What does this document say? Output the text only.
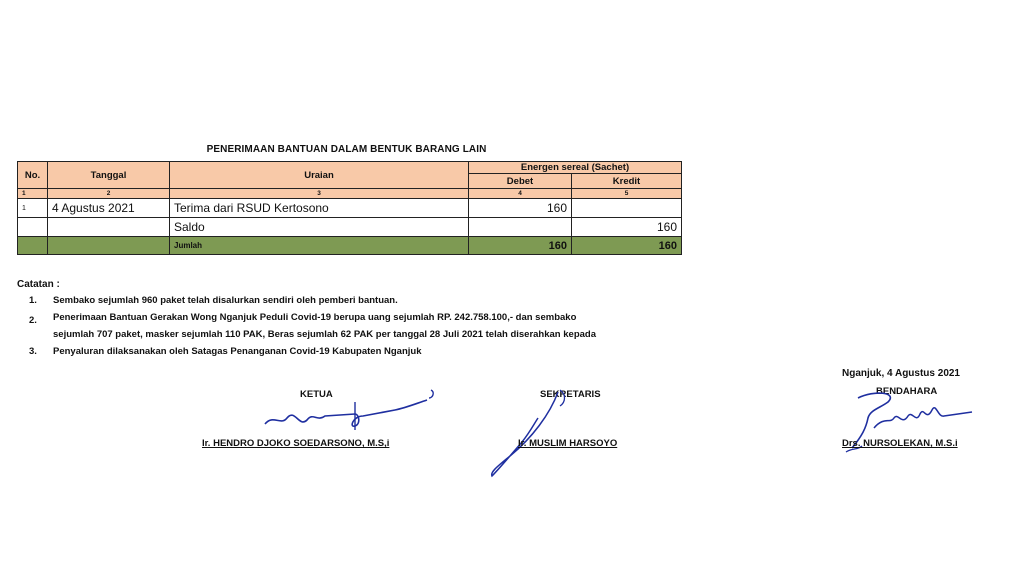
PENERIMAAN BANTUAN DALAM BENTUK BARANG LAIN
No.	Tanggal	Uraian	Energen sereal (Sachet)	
			Debet	Kredit
1	2	3	4	5
1	4 Agustus 2021	Terima dari RSUD Kertosono	160	
		Saldo		160
		Jumlah	160	160
Catatan :
1. Sembako sejumlah 960 paket telah disalurkan sendiri oleh pemberi bantuan.
2. Penerimaan Bantuan Gerakan Wong Nganjuk Peduli Covid-19 berupa uang sejumlah RP. 242.758.100,- dan sembako
sejumlah 707 paket, masker sejumlah 110 PAK, Beras sejumlah 62 PAK per tanggal 28 Juli 2021 telah diserahkan kepada
3. Penyaluran dilaksanakan oleh Satagas Penanganan Covid-19 Kabupaten Nganjuk
Nganjuk, 4 Agustus 2021
KETUA
Ir. HENDRO DJOKO SOEDARSONO, M.S,i
SEKRETARIS
Ir. MUSLIM HARSOYO
BENDAHARA
Drs. NURSOLEKAN, M.S.i
